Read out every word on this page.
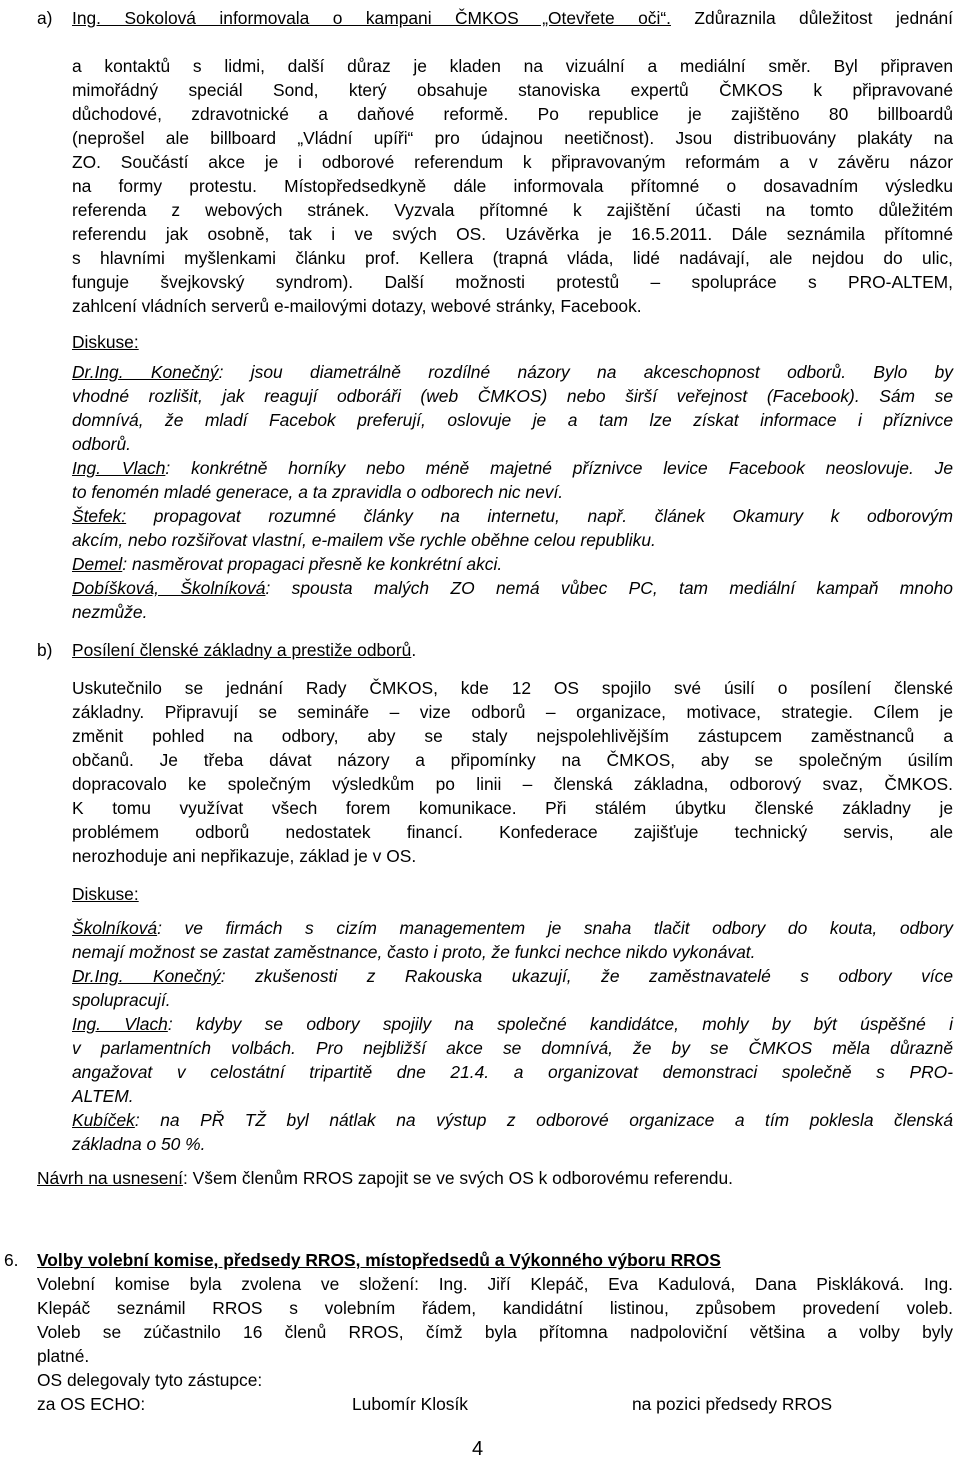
a) Ing. Sokolová informovala o kampani ČMKOS „Otevřete oči“. Zdůraznila důležitost jednání
a kontaktů s lidmi, další důraz je kladen na vizuální a mediální směr. Byl připraven
mimořádný speciál Sond, který obsahuje stanoviska expertů ČMKOS k připravované
důchodové, zdravotnické a daňové reformě. Po republice je zajištěno 80 billboardů
(neprošel ale billboard „Vládní upíři“ pro údajnou neetičnost). Jsou distribuovány plakáty na
ZO. Součástí akce je i odborové referendum k připravovaným reformám a v závěru názor
na formy protestu. Místopředsedkyně dále informovala přítomné o dosavadním výsledku
referenda z webových stránek. Vyzvala přítomné k zajištění účasti na tomto důležitém
referendu jak osobně, tak i ve svých OS. Uzávěrka je 16.5.2011. Dále seznámila přítomné
s hlavními myšlenkami článku prof. Kellera (trapná vláda, lidé nadávají, ale nejdou do ulic,
funguje švejkovský syndrom). Další možnosti protestů – spolupráce s PRO-ALTEM,
zahlcení vládních serverů e-mailovými dotazy, webové stránky, Facebook.
Diskuse:
Dr.Ing. Konečný: jsou diametrálně rozdílné názory na akceschopnost odborů. Bylo by
vhodné rozlišit, jak reagují odboráři (web ČMKOS) nebo širší veřejnost (Facebook). Sám se
domnívá, že mladí Facebok preferují, oslovuje je a tam lze získat informace i příznivce
odborů.
Ing. Vlach: konkrétně horníky nebo méně majetné příznivce levice Facebook neoslovuje. Je
to fenomén mladé generace, a ta zpravidla o odborech nic neví.
Štefek: propagovat rozumné články na internetu, např. článek Okamury k odborovým
akcím, nebo rozšiřovat vlastní, e-mailem vše rychle oběhne celou republiku.
Demel: nasměrovat propagaci přesně ke konkrétní akci.
Dobíšková, Školníková: spousta malých ZO nemá vůbec PC, tam mediální kampaň mnoho
nezmůže.
b) Posílení členské základny a prestiže odborů.
Uskutečnilo se jednání Rady ČMKOS, kde 12 OS spojilo své úsilí o posílení členské
základny. Připravují se semináře – vize odborů – organizace, motivace, strategie. Cílem je
změnit pohled na odbory, aby se staly nejspolehlivějším zástupcem zaměstnanců a
občanů. Je třeba dávat názory a připomínky na ČMKOS, aby se společným úsilím
dopracovalo ke společným výsledkům po linii – členská základna, odborový svaz, ČMKOS.
K tomu využívat všech forem komunikace. Při stálém úbytku členské základny je
problémem odborů nedostatek financí. Konfederace zajišťuje technický servis, ale
nerozhoduje ani nepřikazuje, základ je v OS.
Diskuse:
Školníková: ve firmách s cizím managementem je snaha tlačit odbory do kouta, odbory
nemají možnost se zastat zaměstnance, často i proto, že funkci nechce nikdo vykonávat.
Dr.Ing. Konečný: zkušenosti z Rakouska ukazují, že zaměstnavatelé s odbory více
spolupracují.
Ing. Vlach: kdyby se odbory spojily na společné kandidátce, mohly by být úspěšné i
v parlamentních volbách. Pro nejbližší akce se domnívá, že by se ČMKOS měla důrazně
angažovat v celostátní tripartitě dne 21.4. a organizovat demonstraci společně s PRO-
ALTEM.
Kubíček: na PŘ TŽ byl nátlak na výstup z odborové organizace a tím poklesla členská
základna o 50 %.
Návrh na usnesení: Všem členům RROS zapojit se ve svých OS k odborovému referendu.
6. Volby volební komise, předsedy RROS, místopředsedů a Výkonného výboru RROS
Volební komise byla zvolena ve složení: Ing. Jiří Klepáč, Eva Kadulová, Dana Piskláková. Ing.
Klepáč seznámil RROS s volebním řádem, kandidátní listinou, způsobem provedení voleb.
Voleb se zúčastnilo 16 členů RROS, čímž byla přítomna nadpoloviční většina a volby byly
platné.
OS delegovaly tyto zástupce:
za OS ECHO:	Lubomír Klosík	na pozici předsedy RROS
4
